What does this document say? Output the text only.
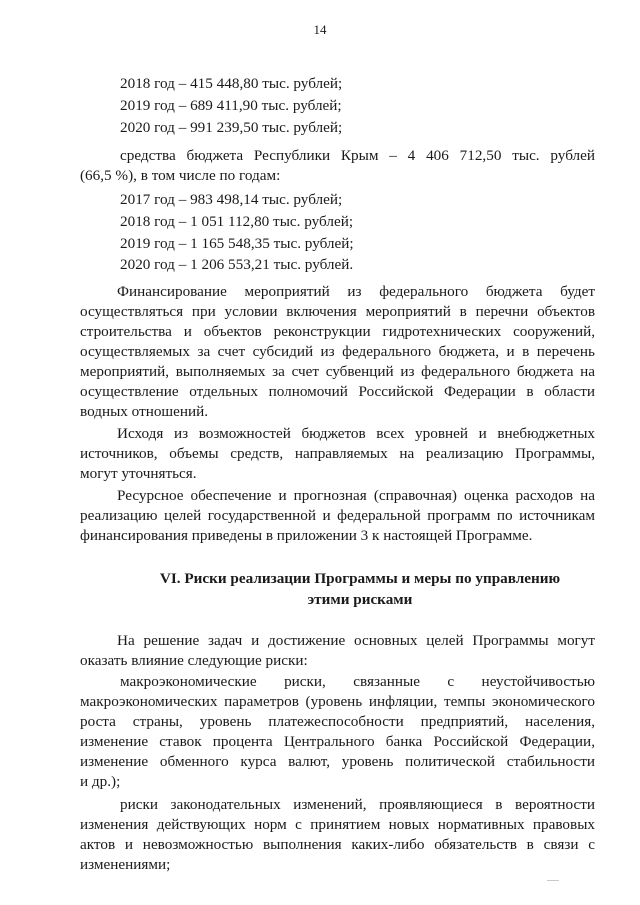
14
2018 год – 415 448,80 тыс. рублей;
2019 год – 689 411,90 тыс. рублей;
2020 год – 991 239,50 тыс. рублей;
средства бюджета Республики Крым – 4 406 712,50 тыс. рублей
(66,5 %), в том числе по годам:
2017 год – 983 498,14 тыс. рублей;
2018 год – 1 051 112,80 тыс. рублей;
2019 год – 1 165 548,35 тыс. рублей;
2020 год – 1 206 553,21 тыс. рублей.
Финансирование мероприятий из федерального бюджета будет
осуществляться при условии включения мероприятий в перечни объектов
строительства и объектов реконструкции гидротехнических сооружений,
осуществляемых за счет субсидий из федерального бюджета, и в перечень
мероприятий, выполняемых за счет субвенций из федерального бюджета на
осуществление отдельных полномочий Российской Федерации в области
водных отношений.
Исходя из возможностей бюджетов всех уровней и внебюджетных
источников, объемы средств, направляемых на реализацию Программы,
могут уточняться.
Ресурсное обеспечение и прогнозная (справочная) оценка расходов на
реализацию целей государственной и федеральной программ по источникам
финансирования приведены в приложении 3 к настоящей Программе.
VI. Риски реализации Программы и меры по управлению
этими рисками
На решение задач и достижение основных целей Программы могут
оказать влияние следующие риски:
макроэкономические риски, связанные с неустойчивостью
макроэкономических параметров (уровень инфляции, темпы экономического
роста страны, уровень платежеспособности предприятий, населения,
изменение ставок процента Центрального банка Российской Федерации,
изменение обменного курса валют, уровень политической стабильности
и др.);
риски законодательных изменений, проявляющиеся в вероятности
изменения действующих норм с принятием новых нормативных правовых
актов и невозможностью выполнения каких-либо обязательств в связи с
изменениями;
